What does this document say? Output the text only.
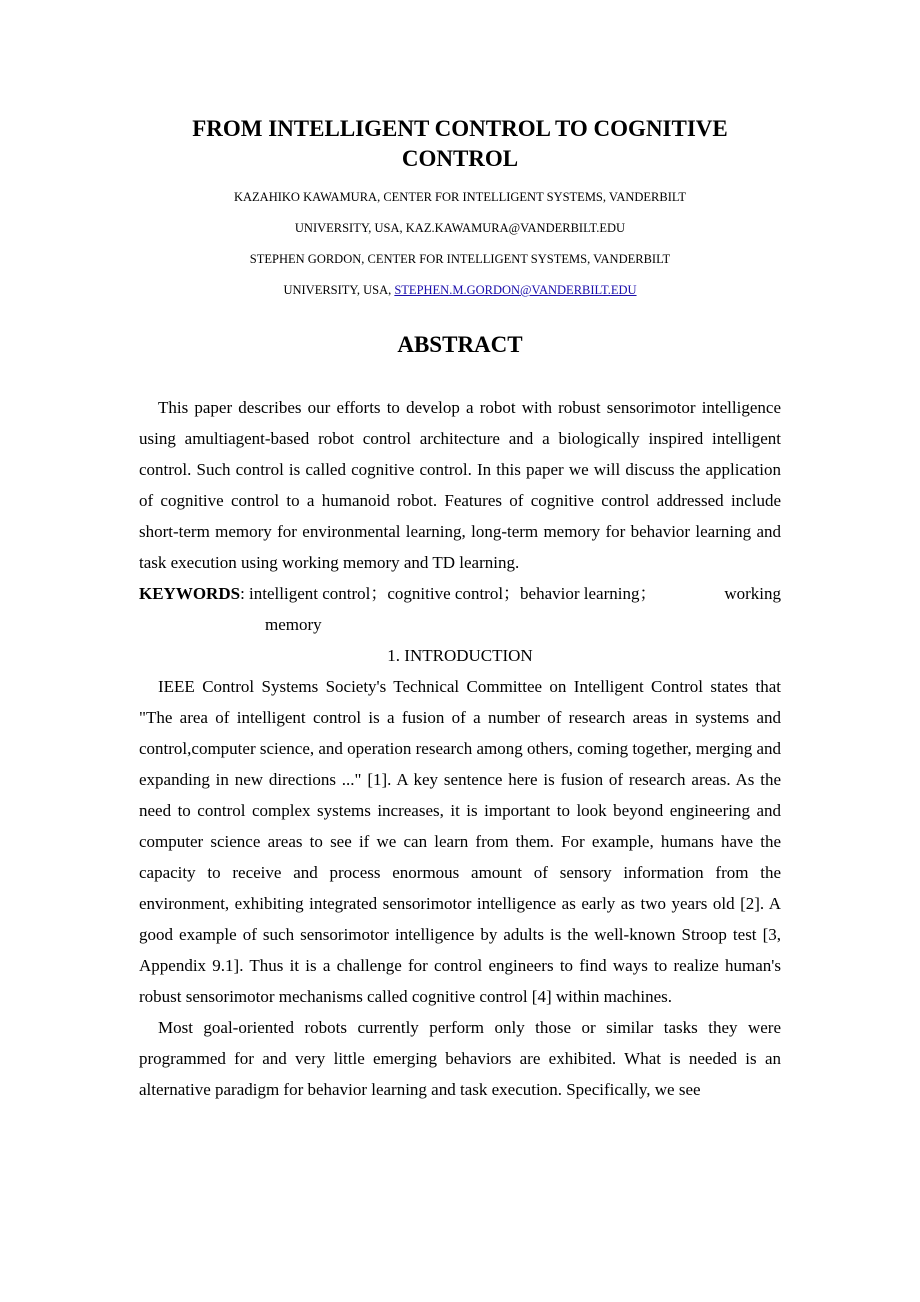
FROM INTELLIGENT CONTROL TO COGNITIVE
CONTROL
KAZAHIKO KAWAMURA, CENTER FOR INTELLIGENT SYSTEMS, VANDERBILT
UNIVERSITY, USA, KAZ.KAWAMURA@VANDERBILT.EDU
STEPHEN GORDON, CENTER FOR INTELLIGENT SYSTEMS, VANDERBILT
UNIVERSITY, USA, STEPHEN.M.GORDON@VANDERBILT.EDU
ABSTRACT

This paper describes our efforts to develop a robot with robust sensorimotor intelligence using amultiagent-based robot control architecture and a biologically inspired intelligent control. Such control is called cognitive control. In this paper we will discuss the application of cognitive control to a humanoid robot. Features of cognitive control addressed include short-term memory for environmental learning, long-term memory for behavior learning and task execution using working memory and TD learning.

KEYWORDS: intelligent control；cognitive control；behavior learning；	working
memory
1. INTRODUCTION

IEEE Control Systems Society's Technical Committee on Intelligent Control states that "The area of intelligent control is a fusion of a number of research areas in systems and control,computer science, and operation research among others, coming together, merging and expanding in new directions ..." [1]. A key sentence here is fusion of research areas. As the need to control complex systems increases, it is important to look beyond engineering and computer science areas to see if we can learn from them. For example, humans have the capacity to receive and process enormous amount of sensory information from the environment, exhibiting integrated sensorimotor intelligence as early as two years old [2]. A good example of such sensorimotor intelligence by adults is the well-known Stroop test [3, Appendix 9.1]. Thus it is a challenge for control engineers to find ways to realize human's robust sensorimotor mechanisms called cognitive control [4] within machines.

Most goal-oriented robots currently perform only those or similar tasks they were programmed for and very little emerging behaviors are exhibited. What is needed is an alternative paradigm for behavior learning and task execution. Specifically, we see
